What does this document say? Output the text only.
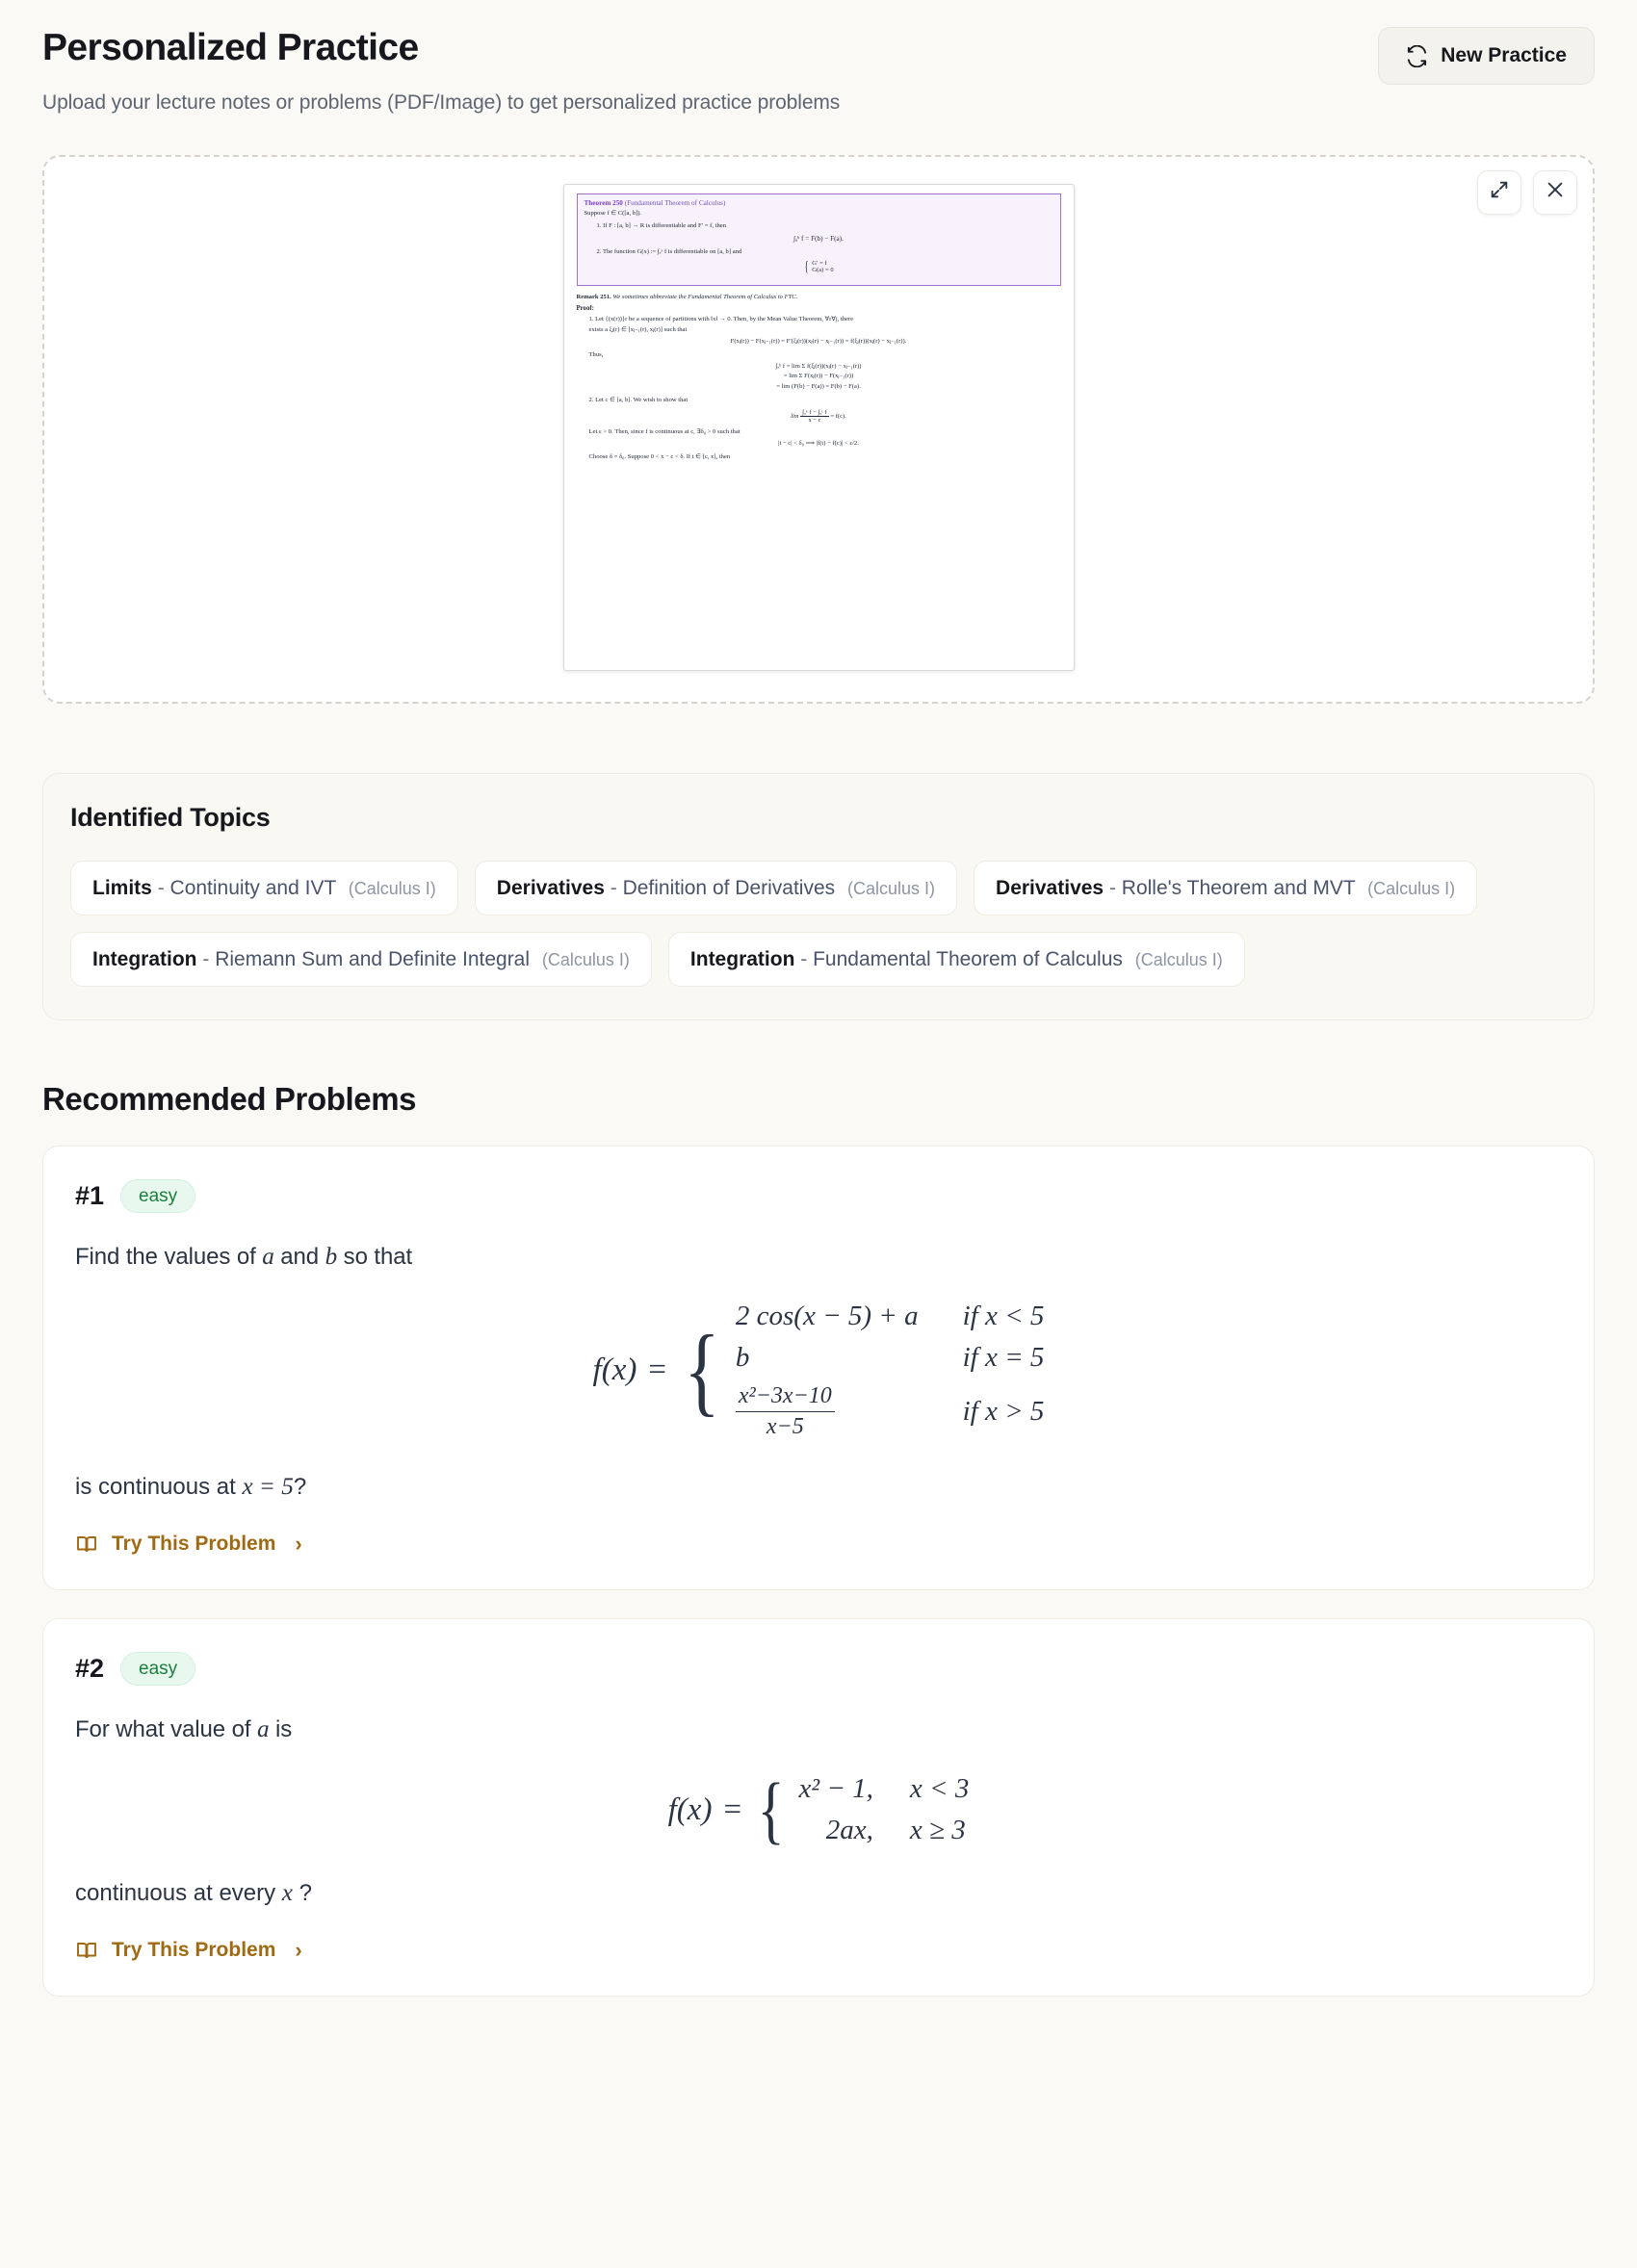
Personalized Practice
Upload your lecture notes or problems (PDF/Image) to get personalized practice problems
New Practice
Theorem 250 (Fundamental Theorem of Calculus)
Suppose f ∈ C([a, b]).
1. If F : [a, b] → R is differentiable and F′ = f, then
∫ₐᵇ f = F(b) − F(a).
2. The function G(x) := ∫ₐˣ f is differentiable on [a, b] and
{ G′ = f
G(a) = 0
Remark 251. We sometimes abbreviate the Fundamental Theorem of Calculus to FTC.
Proof:
1. Let {(x(r))}r be a sequence of partitions with ‖x‖ → 0. Then, by the Mean Value Theorem, ∀r∀j, there
exists a ξⱼ(r) ∈ [xⱼ₋₁(r), xⱼ(r)] such that
F(xⱼ(r)) − F(xⱼ₋₁(r)) = F′(ξⱼ(r))(xⱼ(r) − xⱼ₋₁(r)) = f(ξⱼ(r))(xⱼ(r) − xⱼ₋₁(r)).
Thus,
∫ₐᵇ f = lim Σ f(ξⱼ(r))(xⱼ(r) − xⱼ₋₁(r))
= lim Σ F(xⱼ(r)) − F(xⱼ₋₁(r))
= lim (F(b) − F(a)) = F(b) − F(a).
2. Let c ∈ [a, b]. We wish to show that
$\lim \frac{\text{∫ₐˣ f − ∫ₐᶜ f}}{x - c} = f(c)$.
Let ε > 0. Then, since f is continuous at c, ∃δ₀ > 0 such that
|t − c| < δ₀ ⟹ |f(t) − f(c)| < ε/2.
Choose δ = δ₀. Suppose 0 < x − c < δ. If t ∈ [c, x], then
Identified Topics
Limits - Continuity and IVT (Calculus I)	Derivatives - Definition of Derivatives (Calculus I)	Derivatives - Rolle's Theorem and MVT (Calculus I)
Integration - Riemann Sum and Definite Integral (Calculus I)	Integration - Fundamental Theorem of Calculus (Calculus I)
Recommended Problems
#1	easy
Find the values of a and b so that
f(x) = { 2 cos(x − 5) + a	if x < 5
b	if x = 5

$\frac{\text{x²−3x−10}}{x-5}$	if x > 5
is continuous at x = 5?
Try This Problem ›
#2	easy
For what value of a is
f(x) = { x² − 1,	x < 3
2ax,	x ≥ 3
continuous at every x ?
Try This Problem ›
